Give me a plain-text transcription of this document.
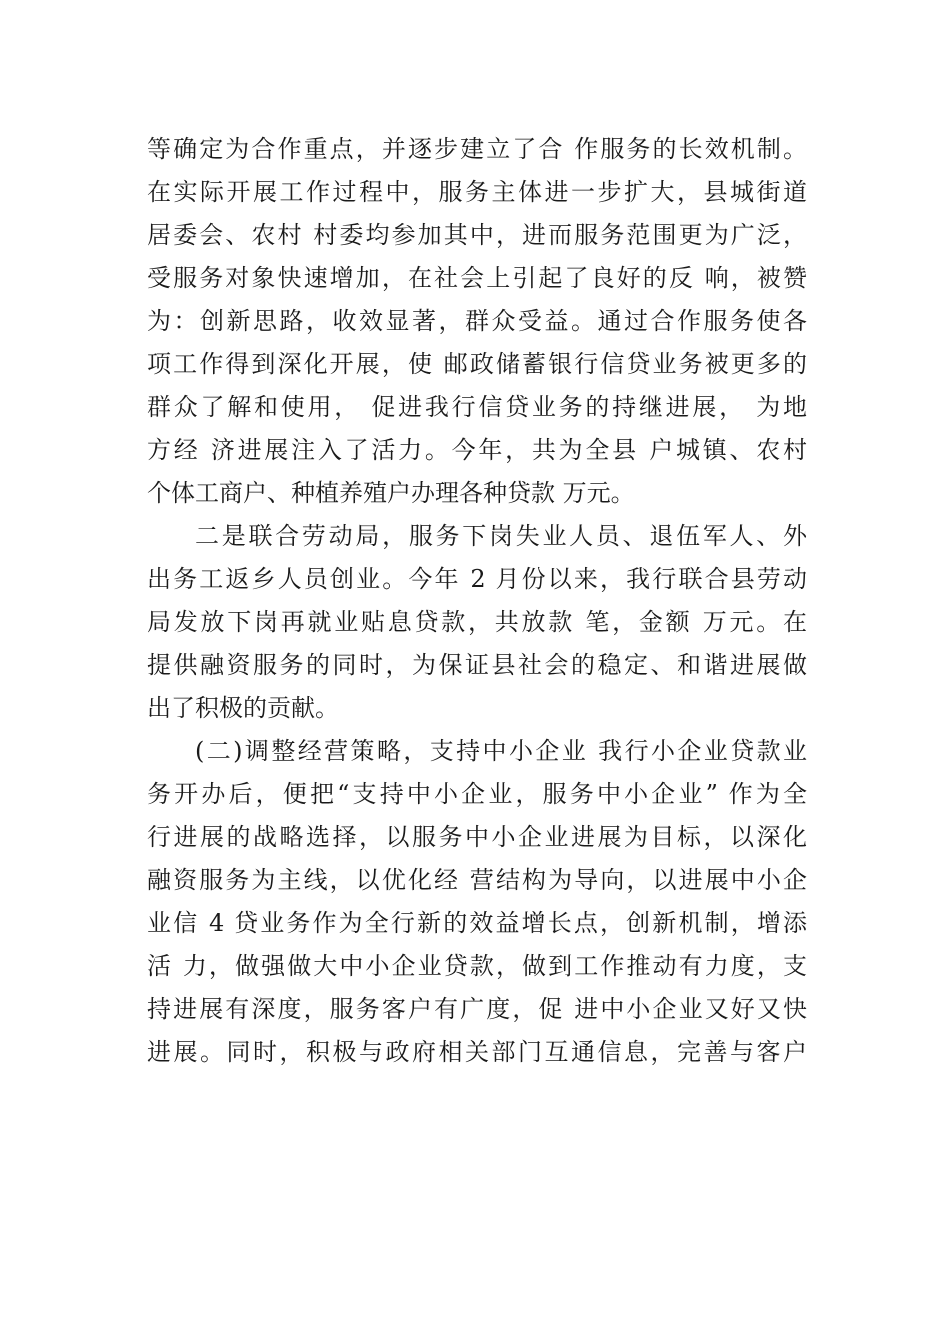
等确定为合作重点，并逐步建立了合 作服务的长效机制。
在实际开展工作过程中，服务主体进一步扩大，县城街道
居委会、农村 村委均参加其中，进而服务范围更为广泛，
受服务对象快速增加，在社会上引起了良好的反 响，被赞
为：创新思路，收效显著，群众受益。通过合作服务使各
项工作得到深化开展，使 邮政储蓄银行信贷业务被更多的
群众了解和使用， 促进我行信贷业务的持继进展， 为地
方经 济进展注入了活力。今年，共为全县 户城镇、农村
个体工商户、种植养殖户办理各种贷款 万元。
二是联合劳动局，服务下岗失业人员、退伍军人、外
出务工返乡人员创业。今年 2 月份以来，我行联合县劳动
局发放下岗再就业贴息贷款，共放款 笔，金额 万元。在
提供融资服务的同时，为保证县社会的稳定、和谐进展做
出了积极的贡献。
(二)调整经营策略，支持中小企业 我行小企业贷款业
务开办后，便把“支持中小企业，服务中小企业” 作为全
行进展的战略选择，以服务中小企业进展为目标，以深化
融资服务为主线，以优化经 营结构为导向，以进展中小企
业信 4 贷业务作为全行新的效益增长点，创新机制，增添
活 力，做强做大中小企业贷款，做到工作推动有力度，支
持进展有深度，服务客户有广度，促 进中小企业又好又快
进展。同时，积极与政府相关部门互通信息，完善与客户
